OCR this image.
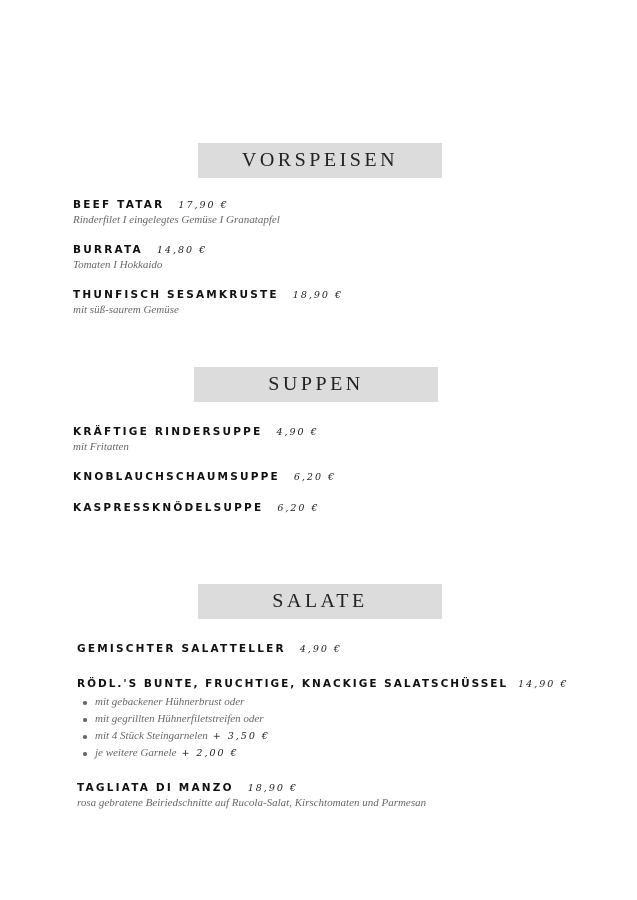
VORSPEISEN
BEEF TATAR 17,90 €
Rinderfilet I eingelegtes Gemüse I Granatapfel
BURRATA 14,80 €
Tomaten I Hokkaido
THUNFISCH SESAMKRUSTE 18,90 €
mit süß-saurem Gemüse
SUPPEN
KRÄFTIGE RINDERSUPPE 4,90 €
mit Fritatten
KNOBLAUCHSCHAUMSUPPE 6,20 €
KASPRESSKNÖDELSUPPE 6,20 €
SALATE
GEMISCHTER SALATTELLER 4,90 €
RÖDL.'S BUNTE, FRUCHTIGE, KNACKIGE SALATSCHÜSSEL 14,90 €
mit gebackener Hühnerbrust oder
mit gegrillten Hühnerfiletstreifen oder
mit 4 Stück Steingarnelen + 3,50 €
je weitere Garnele + 2,00 €
TAGLIATA DI MANZO 18,90 €
rosa gebratene Beiriedschnitte auf Rucola-Salat, Kirschtomaten und Parmesan
